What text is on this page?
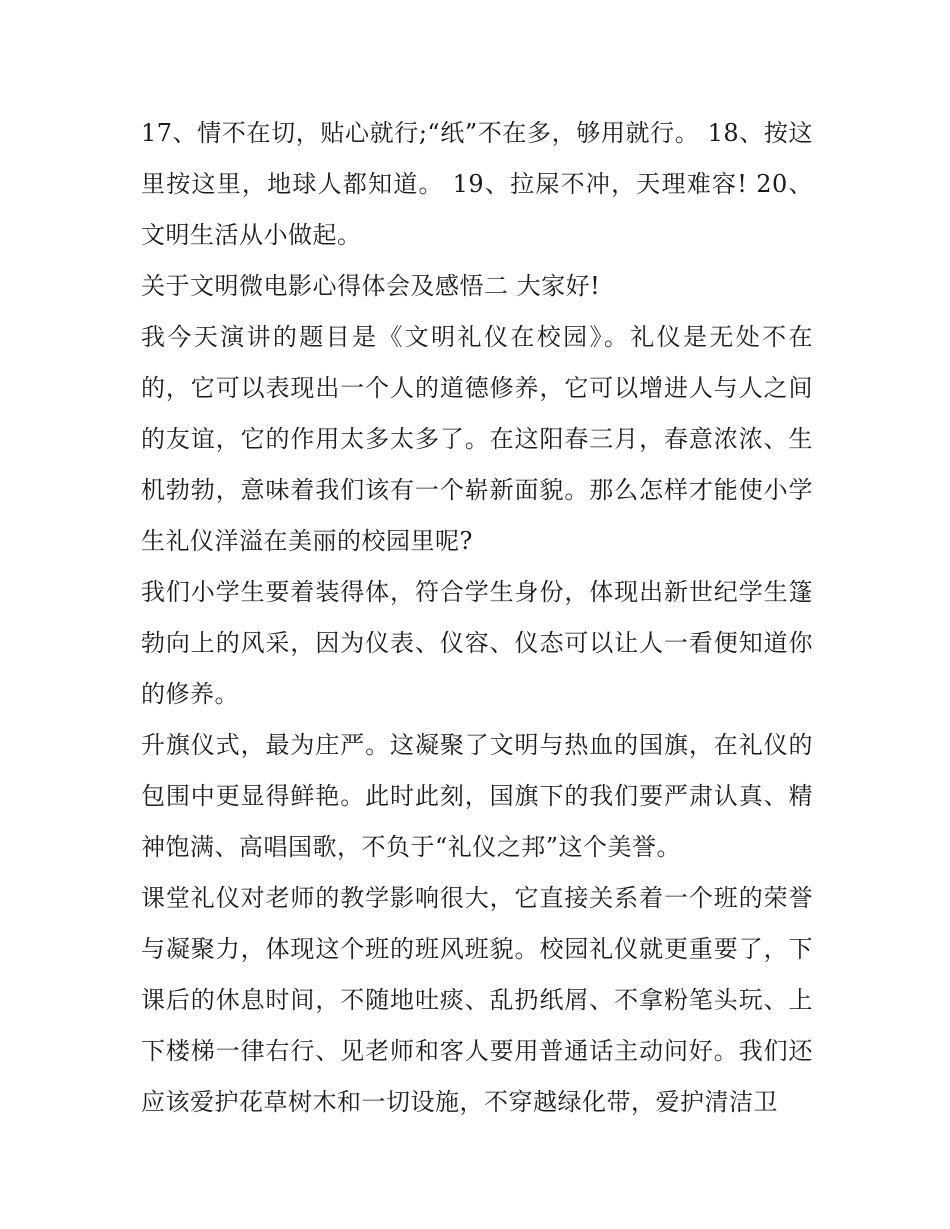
17、情不在切，贴心就行;“纸”不在多，够用就行。 18、按这里按这里，地球人都知道。 19、拉屎不冲，天理难容! 20、文明生活从小做起。

关于文明微电影心得体会及感悟二 大家好!

我今天演讲的题目是《文明礼仪在校园》。礼仪是无处不在的，它可以表现出一个人的道德修养，它可以增进人与人之间的友谊，它的作用太多太多了。在这阳春三月，春意浓浓、生机勃勃，意味着我们该有一个崭新面貌。那么怎样才能使小学生礼仪洋溢在美丽的校园里呢?

我们小学生要着装得体，符合学生身份，体现出新世纪学生篷勃向上的风采，因为仪表、仪容、仪态可以让人一看便知道你的修养。

升旗仪式，最为庄严。这凝聚了文明与热血的国旗，在礼仪的包围中更显得鲜艳。此时此刻，国旗下的我们要严肃认真、精神饱满、高唱国歌，不负于“礼仪之邦”这个美誉。

课堂礼仪对老师的教学影响很大，它直接关系着一个班的荣誉与凝聚力，体现这个班的班风班貌。校园礼仪就更重要了，下课后的休息时间，不随地吐痰、乱扔纸屑、不拿粉笔头玩、上下楼梯一律右行、见老师和客人要用普通话主动问好。我们还应该爱护花草树木和一切设施，不穿越绿化带，爱护清洁卫
